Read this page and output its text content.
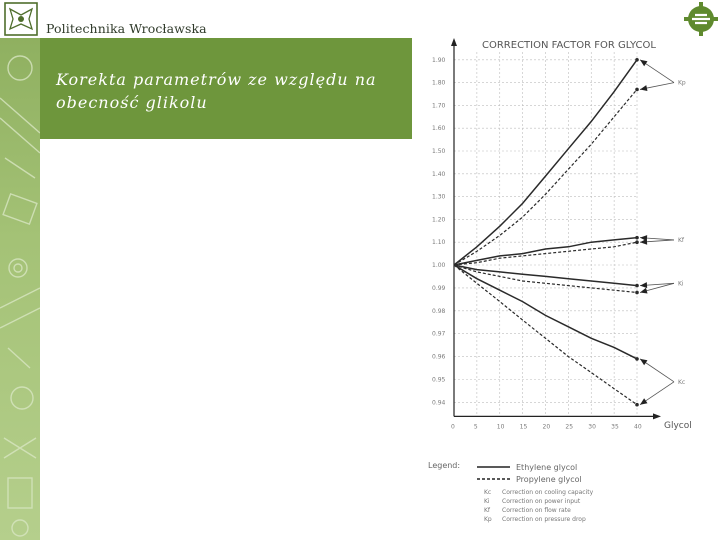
Politechnika Wrocławska
Korekta parametrów ze względu na obecność glikolu
CORRECTION FACTOR FOR GLYCOL
1.90
1.80
1.70
1.60
1.50
1.40
1.30
1.20
1.10
1.00
0.99
0.98
0.97
0.96
0.95
0.94
0	5	10	15	20	25	30	35	40
Kp
Kf
Ki
Kc
Glycol
Legend:	Ethylene glycol
Propylene glycol
Kc Correction on cooling capacity
Ki Correction on power input
Kf Correction on flow rate
Kp Correction on pressure drop
